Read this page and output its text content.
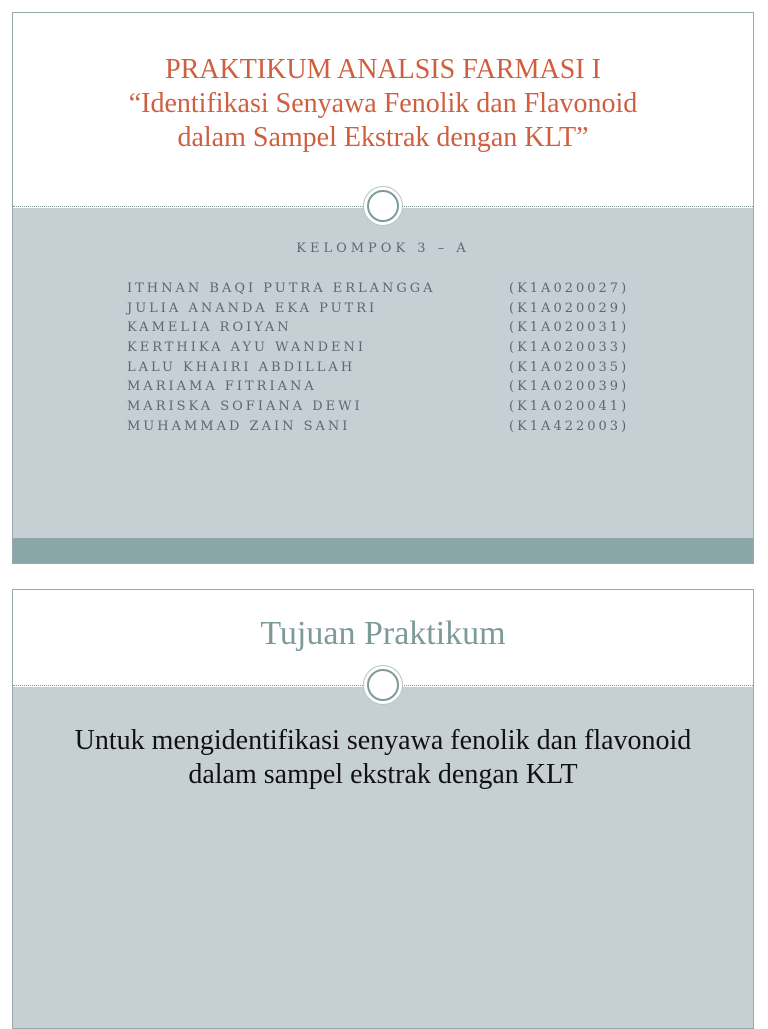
PRAKTIKUM ANALSIS FARMASI I
“Identifikasi Senyawa Fenolik dan Flavonoid
dalam Sampel Ekstrak dengan KLT”
KELOMPOK 3 – A
ITHNAN BAQI PUTRA ERLANGGA	(K1A020027)
JULIA ANANDA EKA PUTRI	(K1A020029)
KAMELIA ROIYAN	(K1A020031)
KERTHIKA AYU WANDENI	(K1A020033)
LALU KHAIRI ABDILLAH	(K1A020035)
MARIAMA FITRIANA	(K1A020039)
MARISKA SOFIANA DEWI	(K1A020041)
MUHAMMAD ZAIN SANI	(K1A422003)
Tujuan Praktikum
Untuk mengidentifikasi senyawa fenolik dan flavonoid
dalam sampel ekstrak dengan KLT
